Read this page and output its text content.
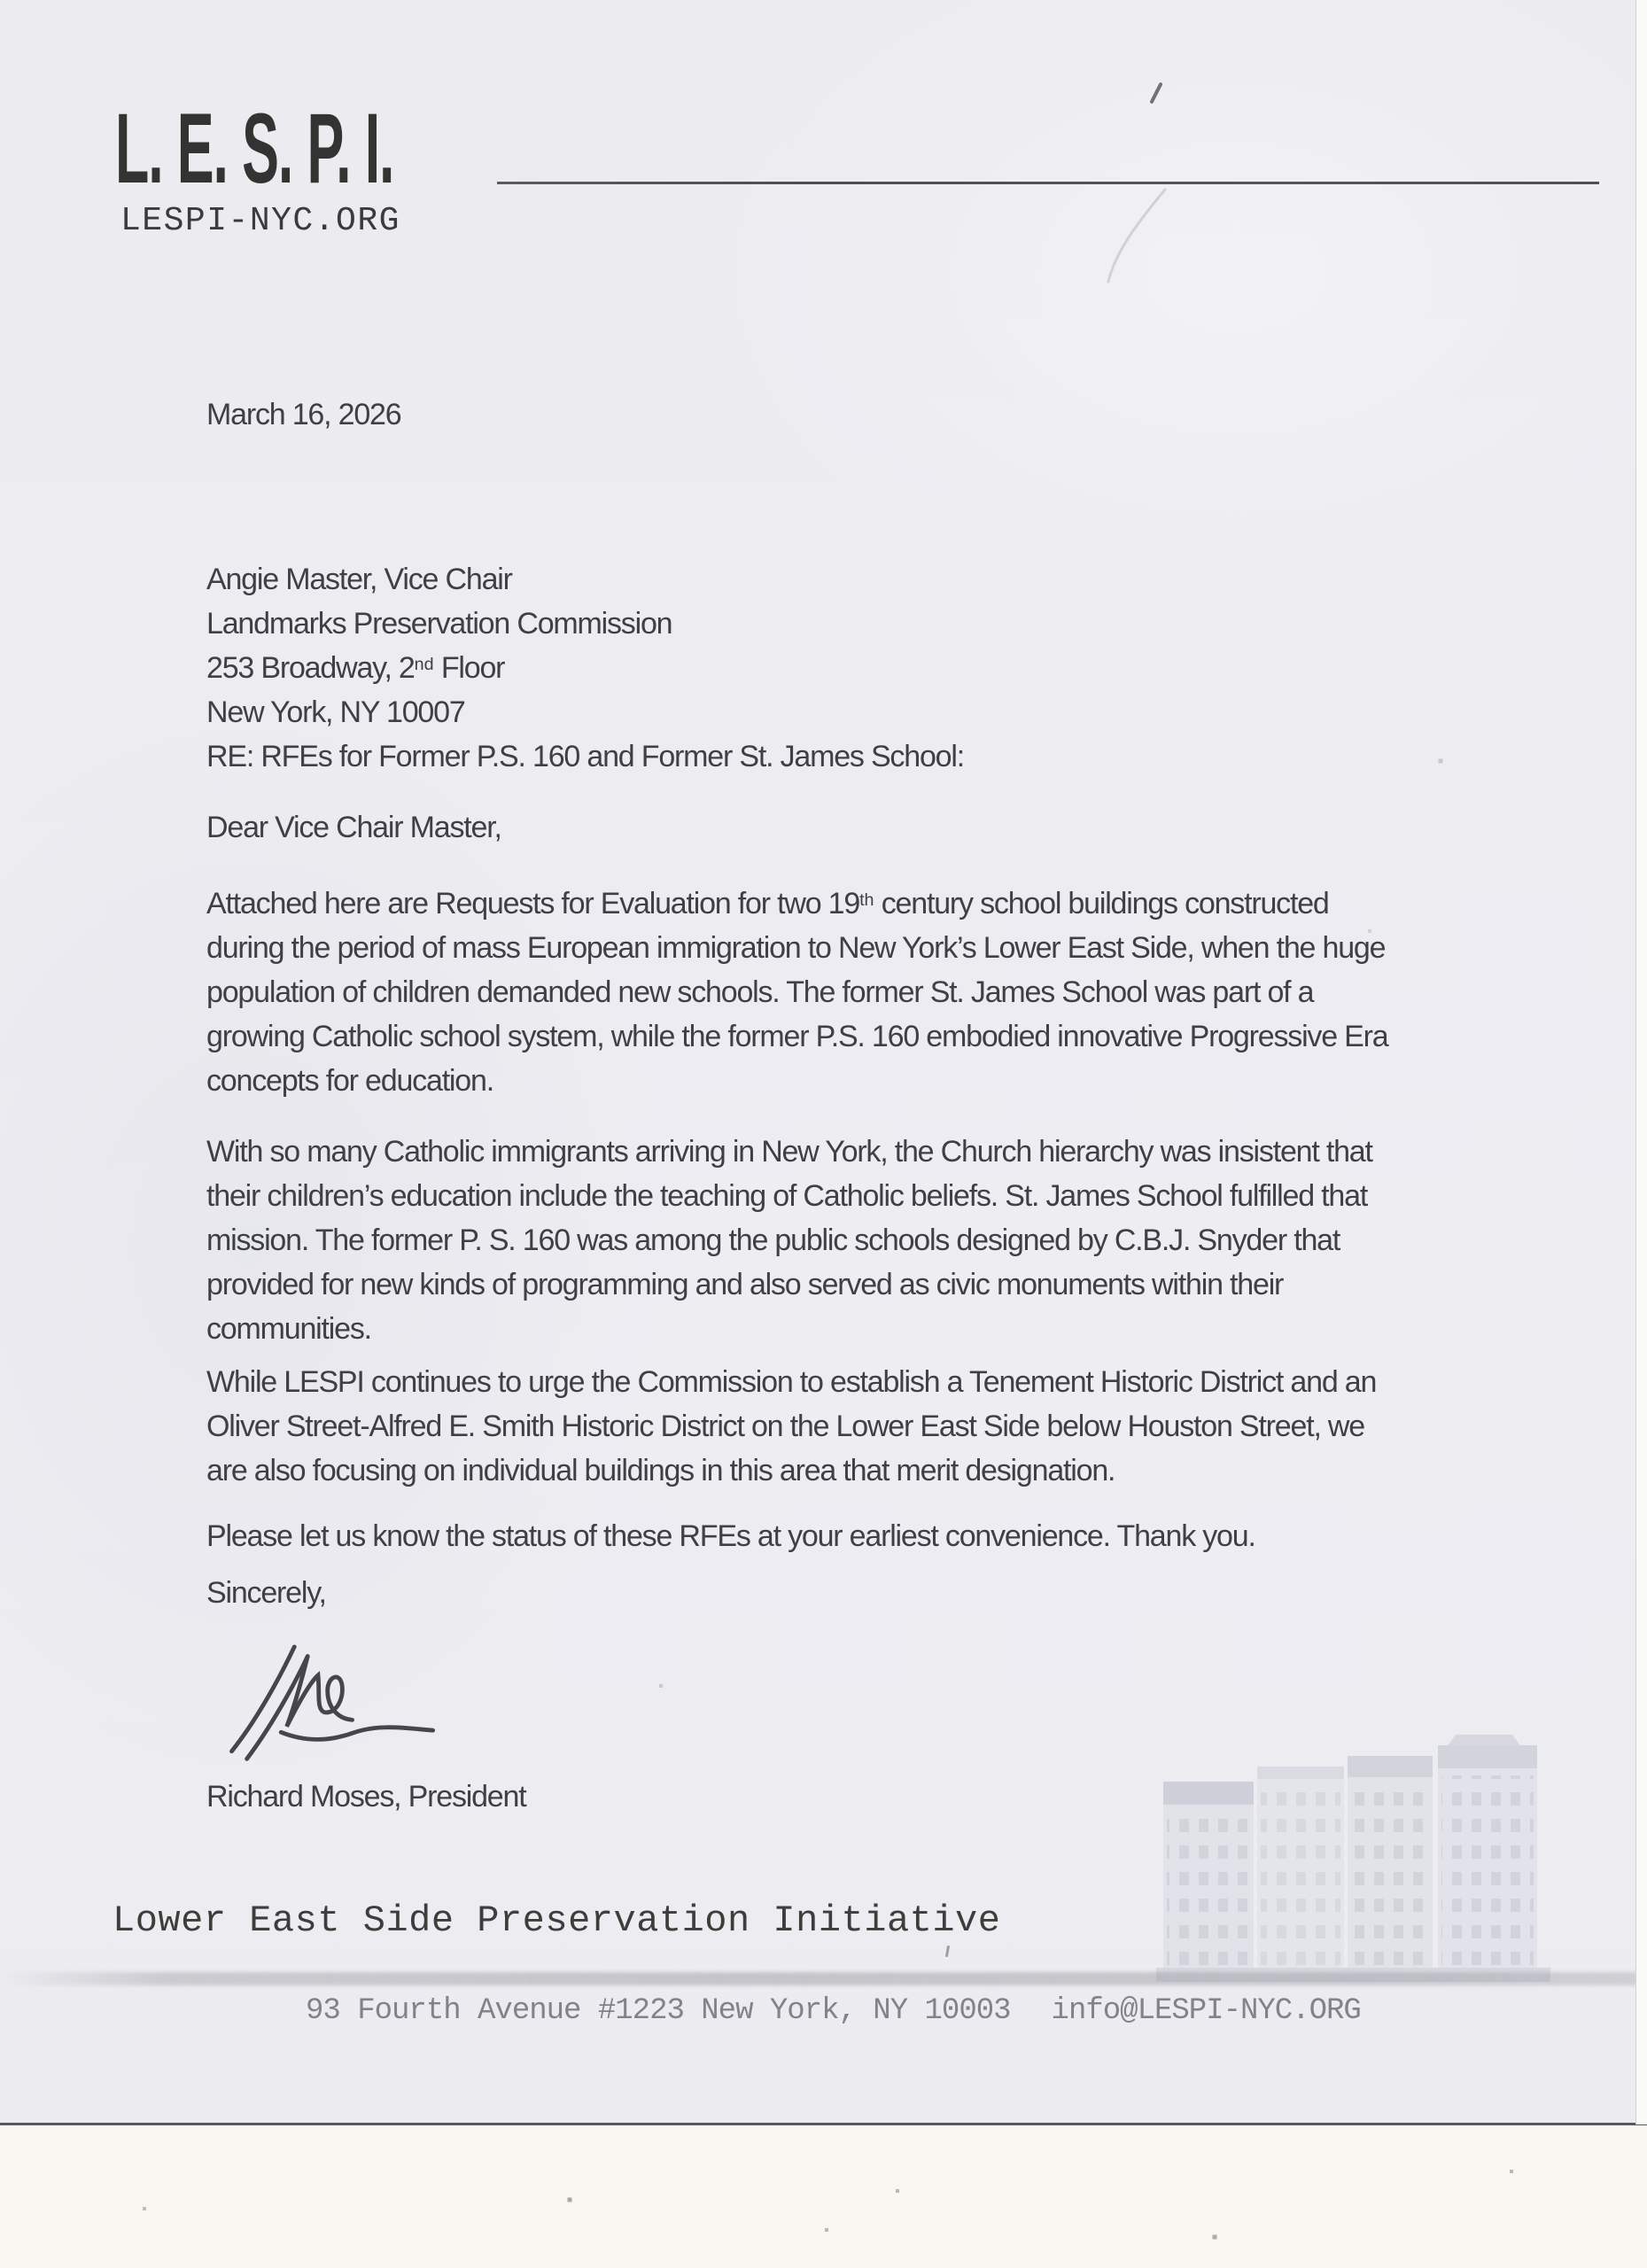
L. E. S. P. I.
LESPI-NYC.ORG
March 16, 2026
Angie Master, Vice Chair
Landmarks Preservation Commission
253 Broadway, 2nd Floor
New York, NY 10007
RE: RFEs for Former P.S. 160 and Former St. James School:
Dear Vice Chair Master,
Attached here are Requests for Evaluation for two 19th century school buildings constructed
during the period of mass European immigration to New York’s Lower East Side, when the huge
population of children demanded new schools. The former St. James School was part of a
growing Catholic school system, while the former P.S. 160 embodied innovative Progressive Era
concepts for education.
With so many Catholic immigrants arriving in New York, the Church hierarchy was insistent that
their children’s education include the teaching of Catholic beliefs. St. James School fulfilled that
mission. The former P. S. 160 was among the public schools designed by C.B.J. Snyder that
provided for new kinds of programming and also served as civic monuments within their
communities.
While LESPI continues to urge the Commission to establish a Tenement Historic District and an
Oliver Street-Alfred E. Smith Historic District on the Lower East Side below Houston Street, we
are also focusing on individual buildings in this area that merit designation.
Please let us know the status of these RFEs at your earliest convenience. Thank you.
Sincerely,
Richard Moses, President
Lower East Side Preservation Initiative
93 Fourth Avenue #1223 New York, NY 10003 info@LESPI-NYC.ORG
